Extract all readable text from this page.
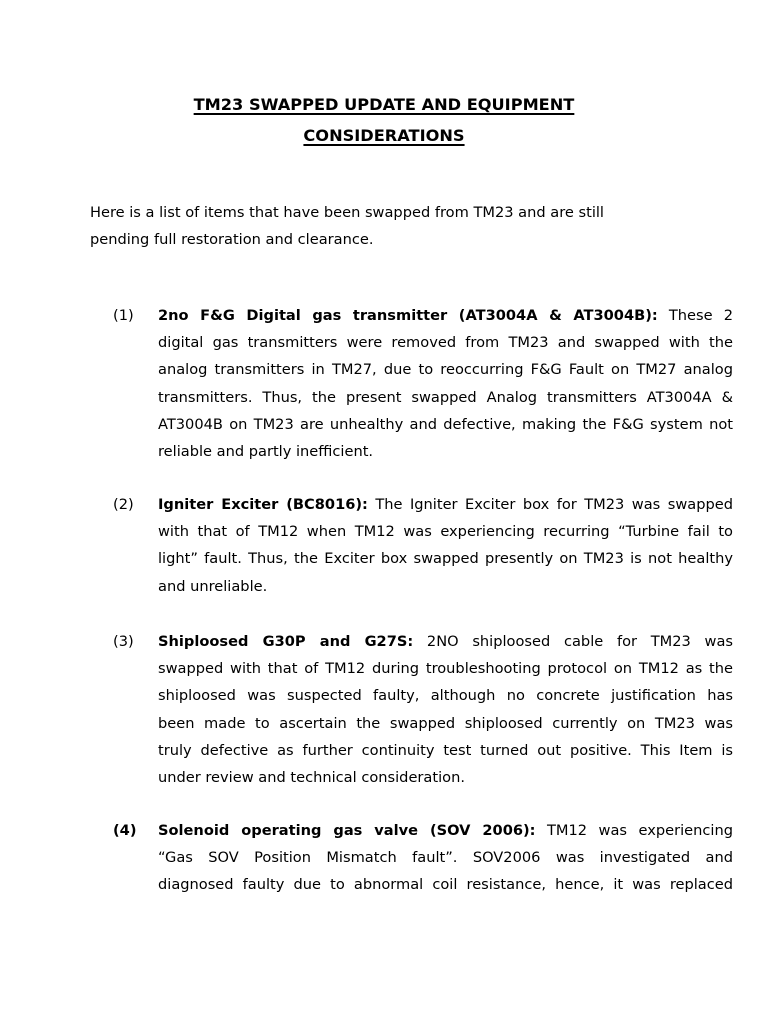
TM23 SWAPPED UPDATE AND EQUIPMENT
CONSIDERATIONS
Here is a list of items that have been swapped from TM23 and are still
pending full restoration and clearance.
(1) 2no F&G Digital gas transmitter (AT3004A & AT3004B): These 2
digital gas transmitters were removed from TM23 and swapped with the
analog transmitters in TM27, due to reoccurring F&G Fault on TM27 analog
transmitters. Thus, the present swapped Analog transmitters AT3004A &
AT3004B on TM23 are unhealthy and defective, making the F&G system not
reliable and partly inefficient.
(2) Igniter Exciter (BC8016): The Igniter Exciter box for TM23 was swapped
with that of TM12 when TM12 was experiencing recurring “Turbine fail to
light” fault. Thus, the Exciter box swapped presently on TM23 is not healthy
and unreliable.
(3) Shiploosed G30P and G27S: 2NO shiploosed cable for TM23 was
swapped with that of TM12 during troubleshooting protocol on TM12 as the
shiploosed was suspected faulty, although no concrete justification has
been made to ascertain the swapped shiploosed currently on TM23 was
truly defective as further continuity test turned out positive. This Item is
under review and technical consideration.
(4) Solenoid operating gas valve (SOV 2006): TM12 was experiencing
“Gas SOV Position Mismatch fault”. SOV2006 was investigated and
diagnosed faulty due to abnormal coil resistance, hence, it was replaced
